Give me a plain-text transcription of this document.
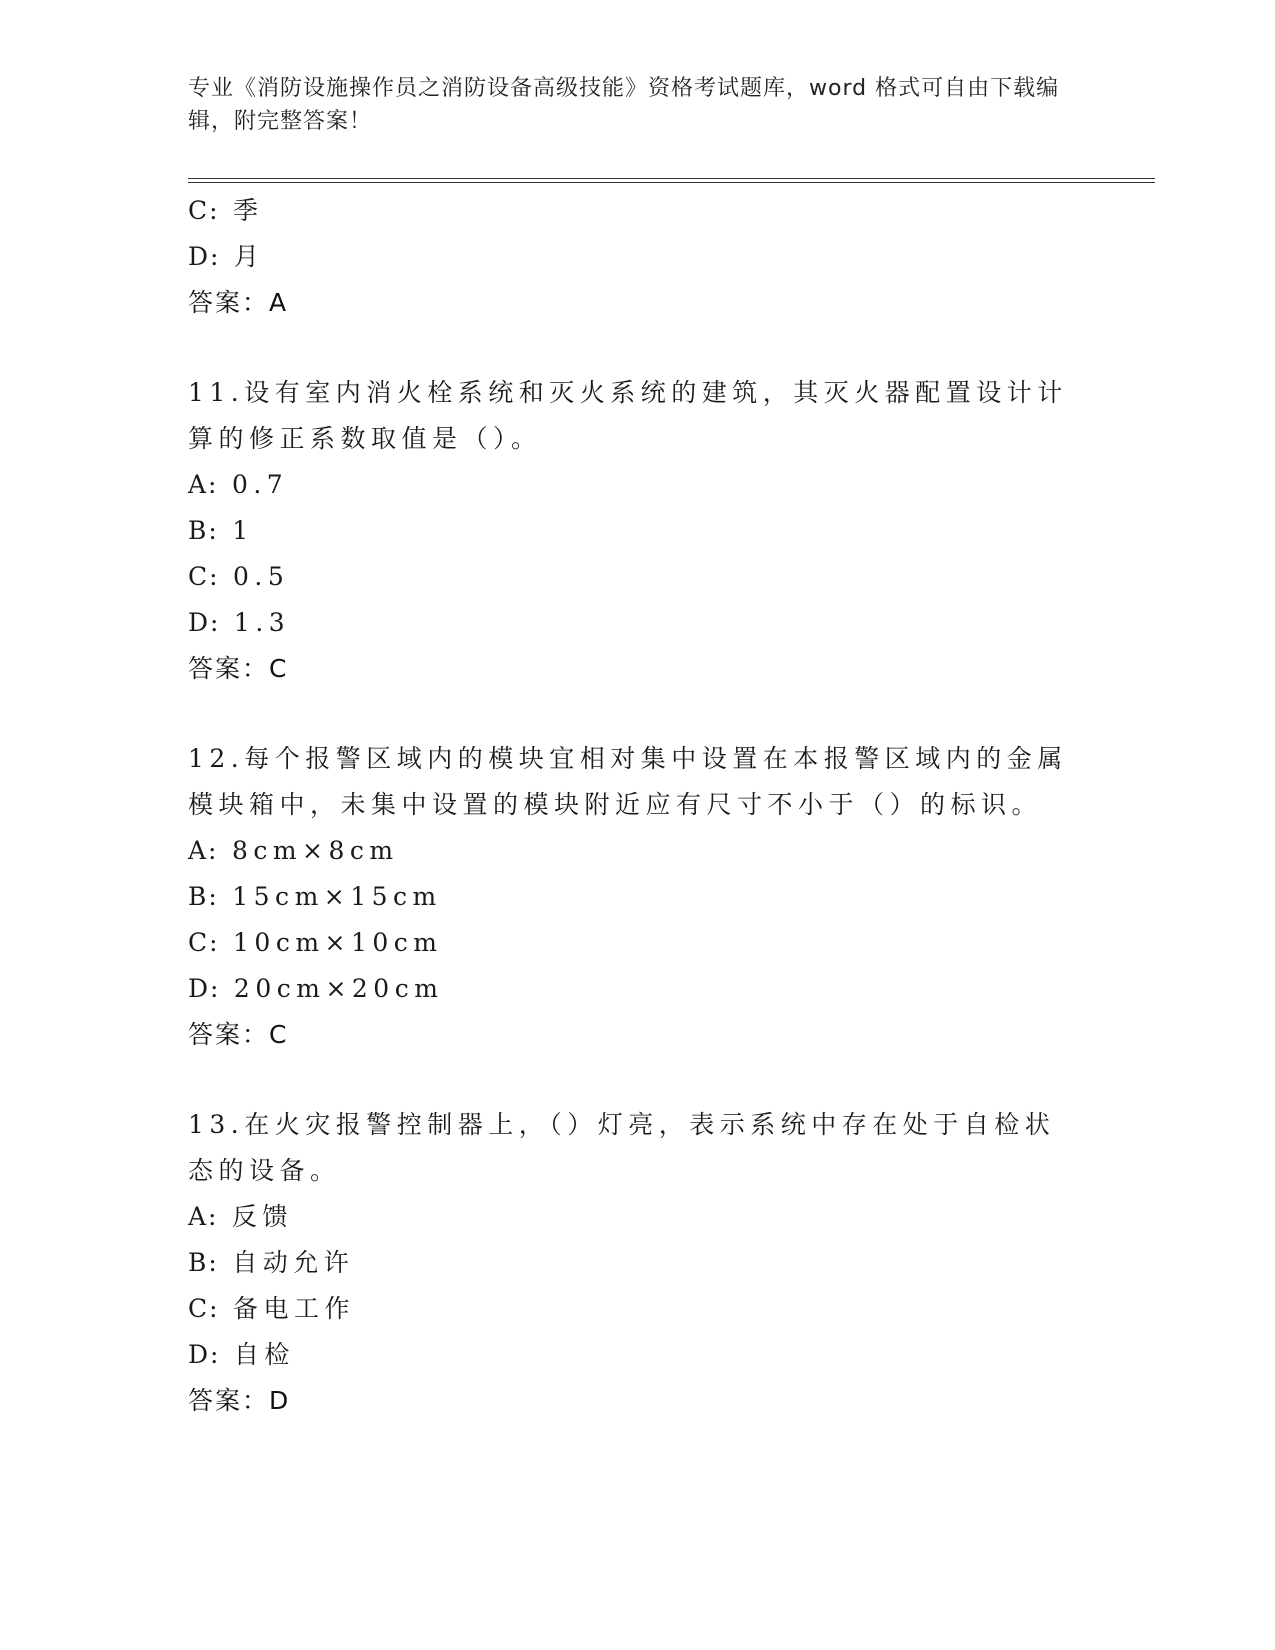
专业《消防设施操作员之消防设备高级技能》资格考试题库，word 格式可自由下载编辑，附完整答案！
C: 季
D: 月
答案：A
11.设有室内消火栓系统和灭火系统的建筑，其灭火器配置设计计算的修正系数取值是（）。
A: 0.7
B: 1
C: 0.5
D: 1.3
答案：C
12.每个报警区域内的模块宜相对集中设置在本报警区域内的金属模块箱中，未集中设置的模块附近应有尺寸不小于（）的标识。
A: 8cm×8cm
B: 15cm×15cm
C: 10cm×10cm
D: 20cm×20cm
答案：C
13.在火灾报警控制器上，（）灯亮，表示系统中存在处于自检状态的设备。
A: 反馈
B: 自动允许
C: 备电工作
D: 自检
答案：D
